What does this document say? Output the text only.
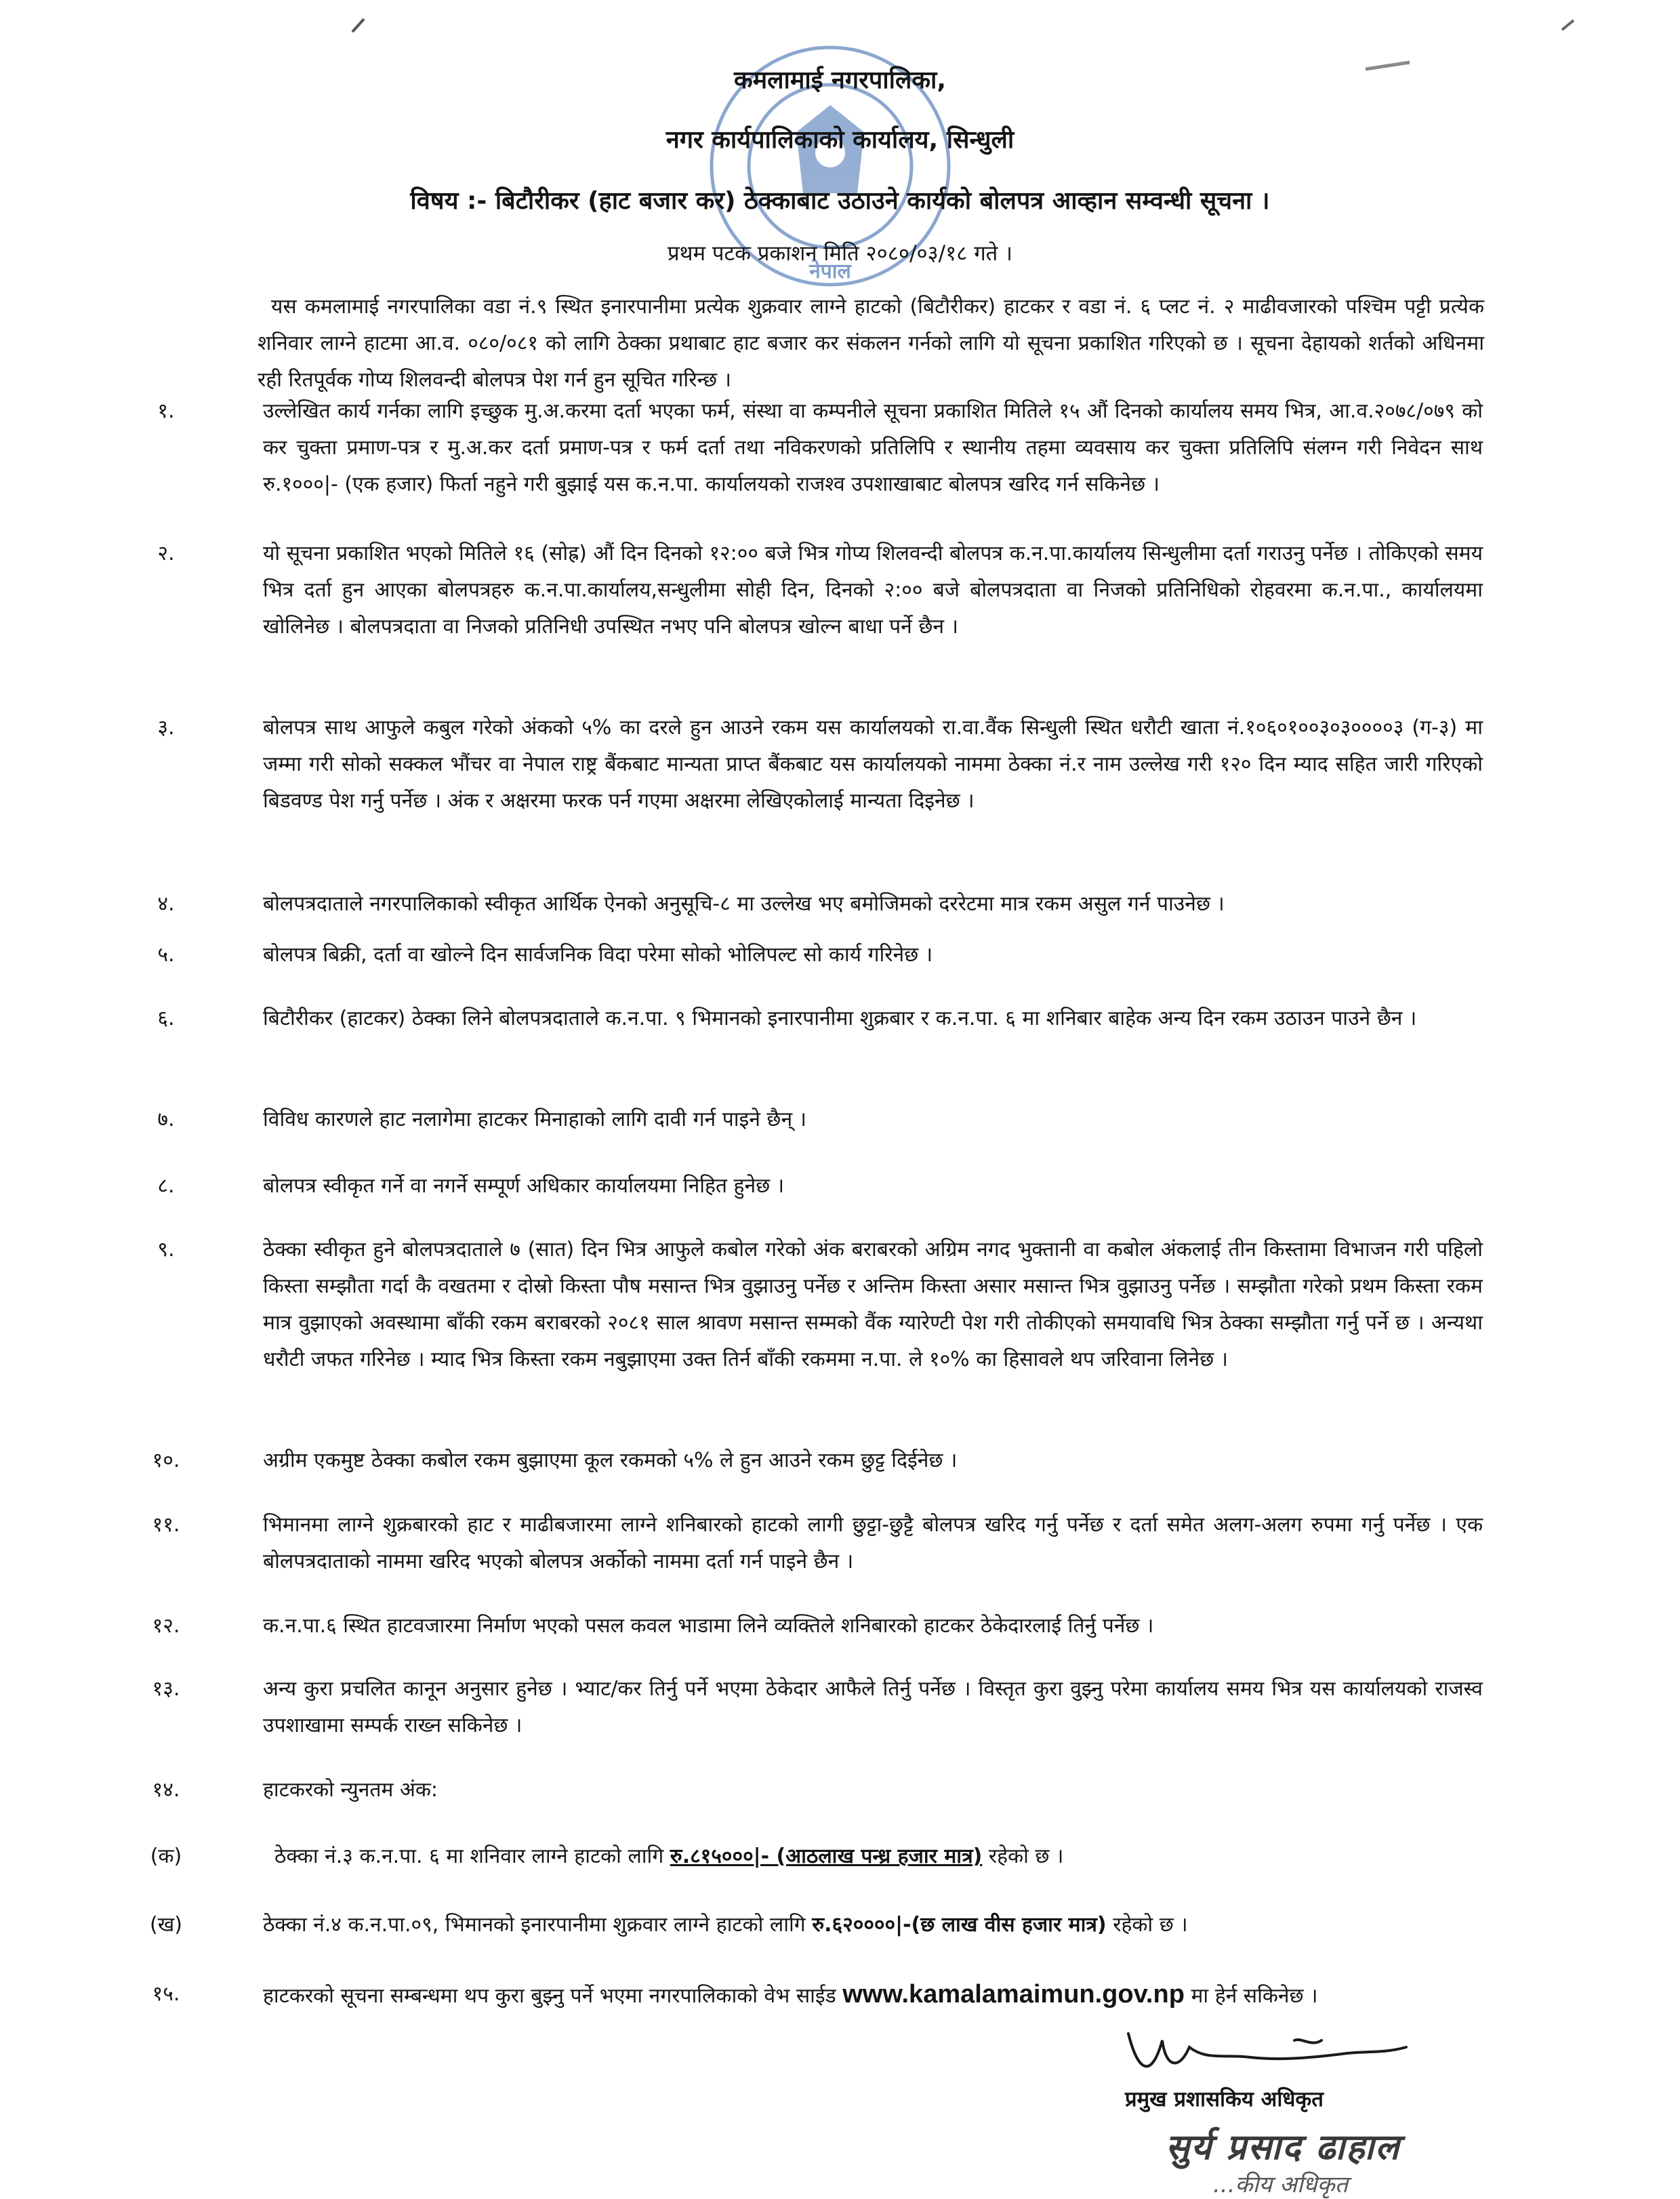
नेपाल
कमलामाई नगरपालिका,
नगर कार्यपालिकाको कार्यालय, सिन्धुली
विषय :- बिटौरीकर (हाट बजार कर) ठेक्काबाट उठाउने कार्यको बोलपत्र आव्हान सम्वन्धी सूचना ।
प्रथम पटक प्रकाशन मिति २०८०/०३/१८ गते ।
यस कमलामाई नगरपालिका वडा नं.९ स्थित इनारपानीमा प्रत्येक शुक्रवार लाग्ने हाटको (बिटौरीकर) हाटकर र वडा नं. ६ प्लट नं. २ माढीवजारको पश्चिम पट्टी प्रत्येक शनिवार लाग्ने हाटमा आ.व. ०८०/०८१ को लागि ठेक्का प्रथाबाट हाट बजार कर संकलन गर्नको लागि यो सूचना प्रकाशित गरिएको छ । सूचना देहायको शर्तको अधिनमा रही रितपूर्वक गोप्य शिलवन्दी बोलपत्र पेश गर्न हुन सूचित गरिन्छ ।
१.	उल्लेखित कार्य गर्नका लागि इच्छुक मु.अ.करमा दर्ता भएका फर्म, संस्था वा कम्पनीले सूचना प्रकाशित मितिले १५ औं दिनको कार्यालय समय भित्र, आ.व.२०७८/०७९ को कर चुक्ता प्रमाण-पत्र र मु.अ.कर दर्ता प्रमाण-पत्र र फर्म दर्ता तथा नविकरणको प्रतिलिपि र स्थानीय तहमा व्यवसाय कर चुक्ता प्रतिलिपि संलग्न गरी निवेदन साथ रु.१०००|- (एक हजार) फिर्ता नहुने गरी बुझाई यस क.न.पा. कार्यालयको राजश्व उपशाखाबाट बोलपत्र खरिद गर्न सकिनेछ ।
२.	यो सूचना प्रकाशित भएको मितिले १६ (सोह्र) औं दिन दिनको १२:०० बजे भित्र गोप्य शिलवन्दी बोलपत्र क.न.पा.कार्यालय सिन्धुलीमा दर्ता गराउनु पर्नेछ । तोकिएको समय भित्र दर्ता हुन आएका बोलपत्रहरु क.न.पा.कार्यालय,सन्धुलीमा सोही दिन, दिनको २:०० बजे बोलपत्रदाता वा निजको प्रतिनिधिको रोहवरमा क.न.पा., कार्यालयमा खोलिनेछ । बोलपत्रदाता वा निजको प्रतिनिधी उपस्थित नभए पनि बोलपत्र खोल्न बाधा पर्ने छैन ।
३.	बोलपत्र साथ आफुले कबुल गरेको अंकको ५% का दरले हुन आउने रकम यस कार्यालयको रा.वा.वैंक सिन्धुली स्थित धरौटी खाता नं.१०६०१००३०३००००३ (ग-३) मा जम्मा गरी सोको सक्कल भौंचर वा नेपाल राष्ट्र बैंकबाट मान्यता प्राप्त बैंकबाट यस कार्यालयको नाममा ठेक्का नं.र नाम उल्लेख गरी १२० दिन म्याद सहित जारी गरिएको बिडवण्ड पेश गर्नु पर्नेछ । अंक र अक्षरमा फरक पर्न गएमा अक्षरमा लेखिएकोलाई मान्यता दिइनेछ ।
४.	बोलपत्रदाताले नगरपालिकाको स्वीकृत आर्थिक ऐनको अनुसूचि-८ मा उल्लेख भए बमोजिमको दररेटमा मात्र रकम असुल गर्न पाउनेछ ।
५.	बोलपत्र बिक्री, दर्ता वा खोल्ने दिन सार्वजनिक विदा परेमा सोको भोलिपल्ट सो कार्य गरिनेछ ।
६.	बिटौरीकर (हाटकर) ठेक्का लिने बोलपत्रदाताले क.न.पा. ९ भिमानको इनारपानीमा शुक्रबार र क.न.पा. ६ मा शनिबार बाहेक अन्य दिन रकम उठाउन पाउने छैन ।
७.	विविध कारणले हाट नलागेमा हाटकर मिनाहाको लागि दावी गर्न पाइने छैन् ।
८.	बोलपत्र स्वीकृत गर्ने वा नगर्ने सम्पूर्ण अधिकार कार्यालयमा निहित हुनेछ ।
९.	ठेक्का स्वीकृत हुने बोलपत्रदाताले ७ (सात) दिन भित्र आफुले कबोल गरेको अंक बराबरको अग्रिम नगद भुक्तानी वा कबोल अंकलाई तीन किस्तामा विभाजन गरी पहिलो किस्ता सम्झौता गर्दा कै वखतमा र दोस्रो किस्ता पौष मसान्त भित्र वुझाउनु पर्नेछ र अन्तिम किस्ता असार मसान्त भित्र वुझाउनु पर्नेछ । सम्झौता गरेको प्रथम किस्ता रकम मात्र वुझाएको अवस्थामा बाँकी रकम बराबरको २०८१ साल श्रावण मसान्त सम्मको वैंक ग्यारेण्टी पेश गरी तोकीएको समयावधि भित्र ठेक्का सम्झौता गर्नु पर्ने छ । अन्यथा धरौटी जफत गरिनेछ । म्याद भित्र किस्ता रकम नबुझाएमा उक्त तिर्न बाँकी रकममा न.पा. ले १०% का हिसावले थप जरिवाना लिनेछ ।
१०.	अग्रीम एकमुष्ट ठेक्का कबोल रकम बुझाएमा कूल रकमको ५% ले हुन आउने रकम छुट्ट दिईनेछ ।
११.	भिमानमा लाग्ने शुक्रबारको हाट र माढीबजारमा लाग्ने शनिबारको हाटको लागी छुट्टा-छुट्टै बोलपत्र खरिद गर्नु पर्नेछ र दर्ता समेत अलग-अलग रुपमा गर्नु पर्नेछ । एक बोलपत्रदाताको नाममा खरिद भएको बोलपत्र अर्कोको नाममा दर्ता गर्न पाइने छैन ।
१२.	क.न.पा.६ स्थित हाटवजारमा निर्माण भएको पसल कवल भाडामा लिने व्यक्तिले शनिबारको हाटकर ठेकेदारलाई तिर्नु पर्नेछ ।
१३.	अन्य कुरा प्रचलित कानून अनुसार हुनेछ । भ्याट/कर तिर्नु पर्ने भएमा ठेकेदार आफैले तिर्नु पर्नेछ । विस्तृत कुरा वुझ्नु परेमा कार्यालय समय भित्र यस कार्यालयको राजस्व उपशाखामा सम्पर्क राख्न सकिनेछ ।
१४.	हाटकरको न्युनतम अंक:
(क)	ठेक्का नं.३ क.न.पा. ६ मा शनिवार लाग्ने हाटको लागि रु.८१५०००|- (आठलाख पन्ध्र हजार मात्र) रहेको छ ।
(ख)	ठेक्का नं.४ क.न.पा.०९, भिमानको इनारपानीमा शुक्रवार लाग्ने हाटको लागि रु.६२००००|-(छ लाख वीस हजार मात्र) रहेको छ ।
१५.	हाटकरको सूचना सम्बन्धमा थप कुरा बुझ्नु पर्ने भएमा नगरपालिकाको वेभ साईड www.kamalamaimun.gov.np मा हेर्न सकिनेछ ।
प्रमुख प्रशासकिय अधिकृत
सुर्य प्रसाद ढाहाल
...कीय अधिकृत
